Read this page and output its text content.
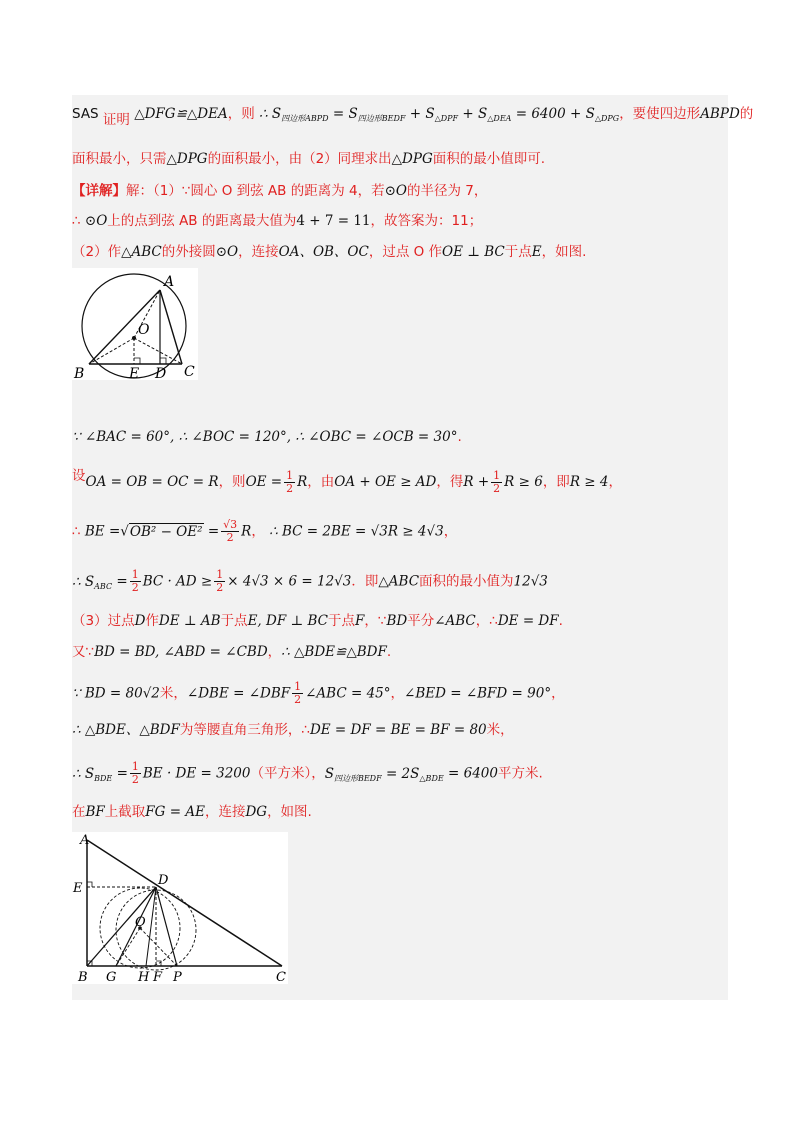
SAS 证明 △DFG≌△DEA，则 ∴ $S_{四边形ABPD} = S_{四边形BEDF} + S_{\triangle DPF} + S_{\triangle DEA} = 6400 + S_{\triangle DPG}$，要使四边形ABPD的
面积最小，只需△DPG的面积最小，由（2）同理求出△DPG面积的最小值即可.
【详解】解：（1）∵圆心 O 到弦 AB 的距离为 4，若⊙O的半径为 7，
∴ ⊙O上的点到弦 AB 的距离最大值为4 + 7 = 11，故答案为：11；
（2）作△ABC的外接圆⊙O，连接OA、OB、OC，过点 O 作OE ⊥ BC于点E，如图.
A
O
B	E D C
∵ ∠BAC = 60°, ∴ ∠BOC = 120°, ∴ ∠OBC = ∠OCB = 30°.
设OA = OB = OC = R，则OE = $\frac{1}{2}$ R，由OA + OE ≥ AD，得$R + \frac{1}{2}$ R ≥ 6，即R ≥ 4，
∴ BE $=√OB^2 - OE^2 = \frac{√3}{2}$ R， ∴ BC = 2BE = √3R ≥ 4√3，
∴ $S_{ABC} = \frac{1}{2}$ BC · AD ≥ $\frac{1}{2} \times 4√3 \times 6 = 12√3$．即△ABC面积的最小值为12√3
（3）过点D作DE ⊥ AB于点E, DF ⊥ BC于点F，∵BD平分∠ABC，∴DE = DF.
又∵BD = BD, ∠ABD = ∠CBD，∴ △BDE≌△BDF.
∵ BD = 80√2米，∠DBE = ∠DBF $\frac{1}{2}$ ∠ABC = 45°，∠BED = ∠BFD = 90°，
∴ △BDE、△BDF为等腰直角三角形，∴DE = DF = BE = BF = 80米，
∴ $S_{BDE} = \frac{1}{2}$ BE · DE = 3200（平方米），$S_{四边形BEDF} = 2S_{\triangle BDE} = 6400$平方米.
在BF上截取FG = AE，连接DG，如图.
A
E
D
O
B G H F P	C
